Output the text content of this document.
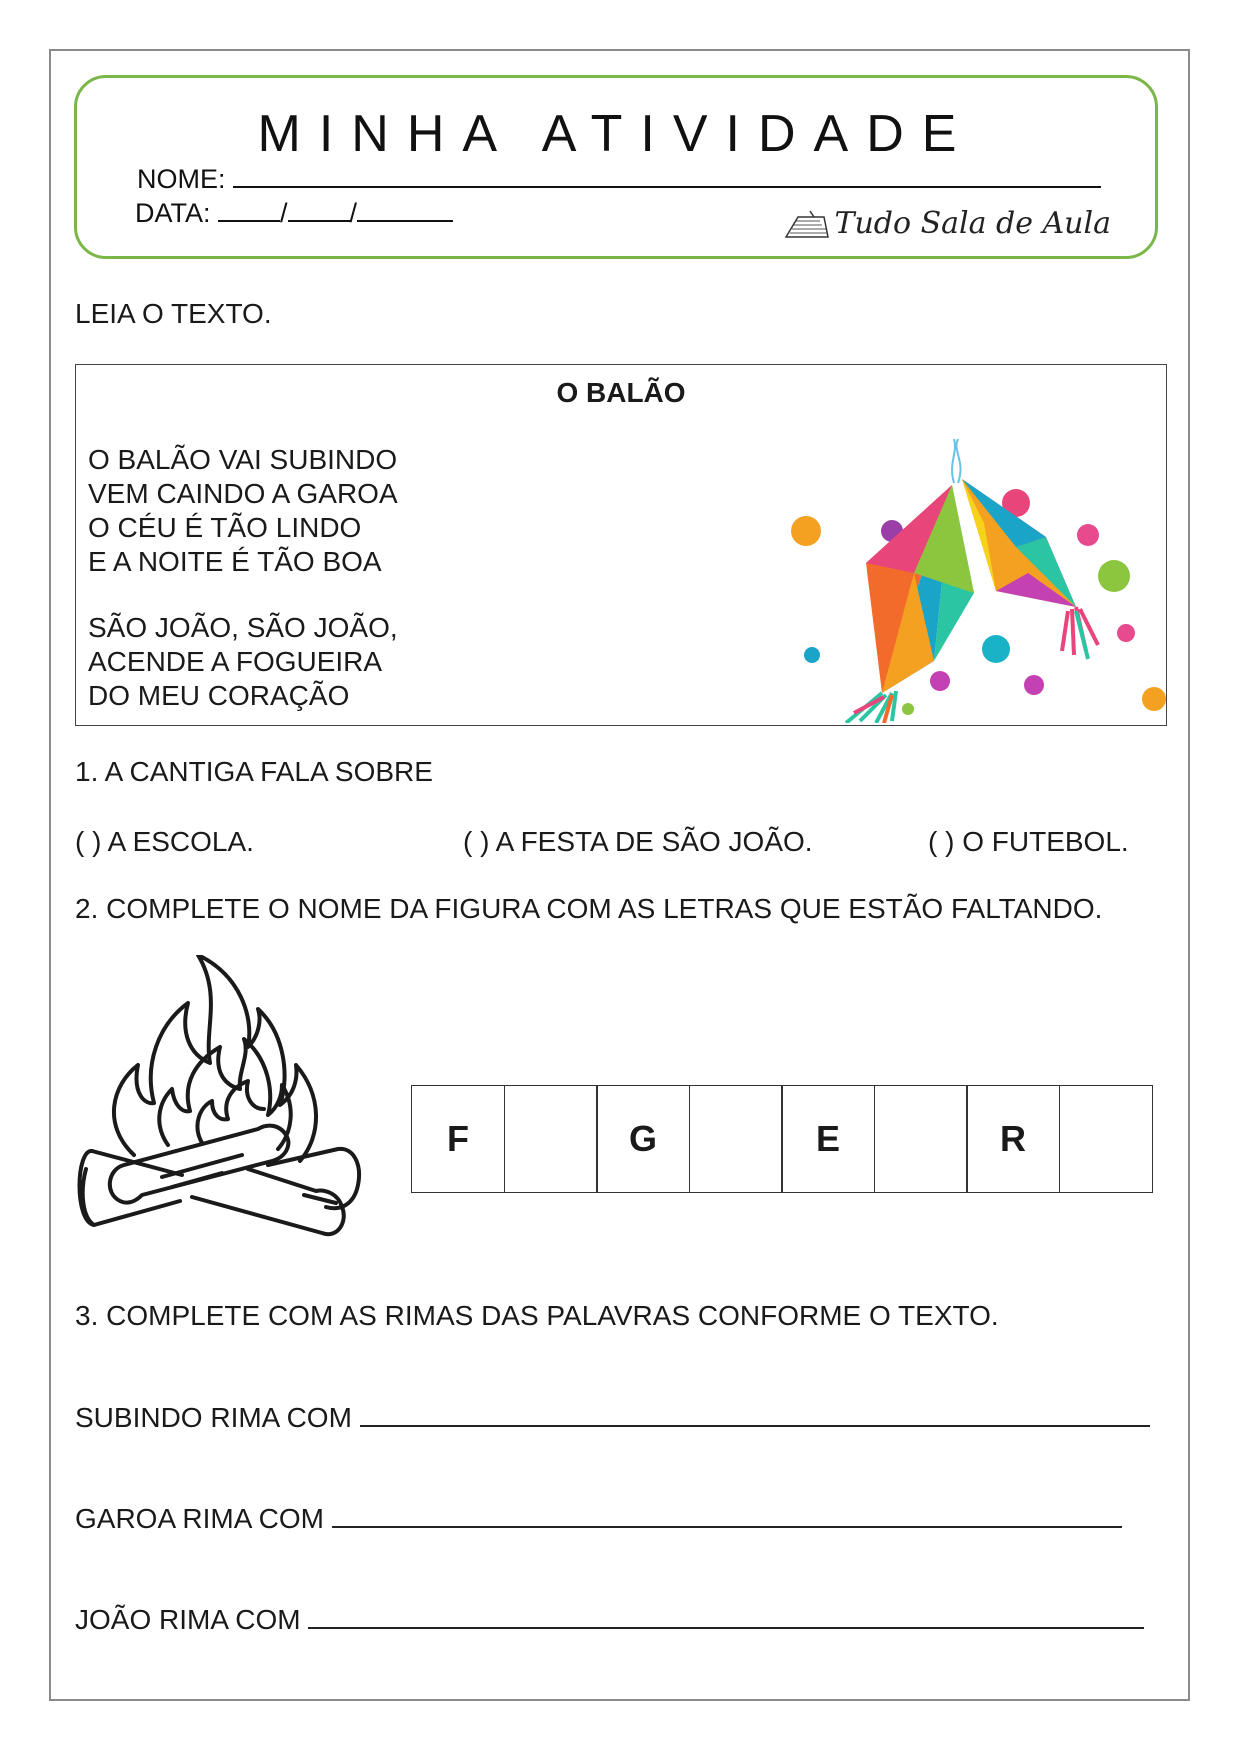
MINHA ATIVIDADE
NOME:
DATA:	/ /	Tudo Sala de Aula
LEIA O TEXTO.
O BALÃO
O BALÃO VAI SUBINDO
VEM CAINDO A GAROA
O CÉU É TÃO LINDO
E A NOITE É TÃO BOA
SÃO JOÃO, SÃO JOÃO,
ACENDE A FOGUEIRA
DO MEU CORAÇÃO
1. A CANTIGA FALA SOBRE
( ) A ESCOLA.	( ) A FESTA DE SÃO JOÃO.	( ) O FUTEBOL.
2. COMPLETE O NOME DA FIGURA COM AS LETRAS QUE ESTÃO FALTANDO.
F	G	E	R
3. COMPLETE COM AS RIMAS DAS PALAVRAS CONFORME O TEXTO.
SUBINDO RIMA COM
GAROA RIMA COM
JOÃO RIMA COM
